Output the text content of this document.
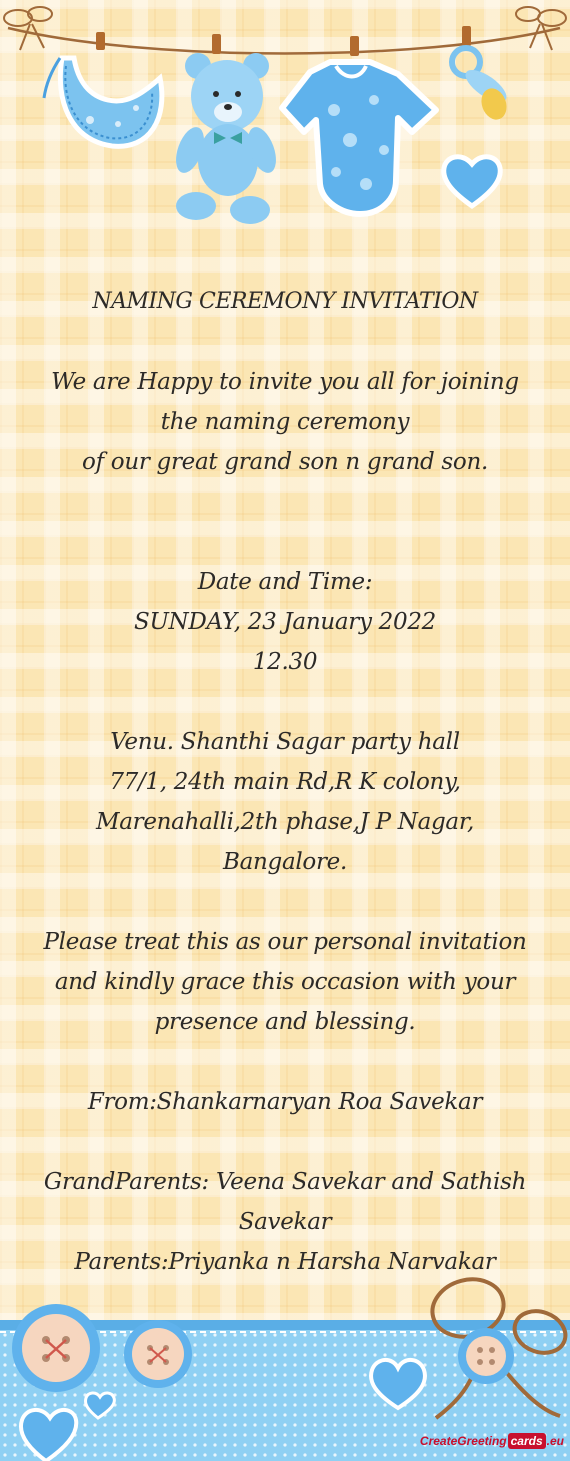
NAMING CEREMONY INVITATION

We are Happy to invite you all for joining

the naming ceremony

of our great grand son n grand son.

Date and Time:

SUNDAY, 23 January 2022

12.30

Venu. Shanthi Sagar party hall

77/1, 24th main Rd,R K colony,

Marenahalli,2th phase,J P Nagar,

Bangalore.

Please treat this as our personal invitation

and kindly grace this occasion with your

presence and blessing.

From:Shankarnaryan Roa Savekar

GrandParents: Veena Savekar and Sathish

Savekar

Parents:Priyanka n Harsha Narvakar

CreateGreeting cards .eu
